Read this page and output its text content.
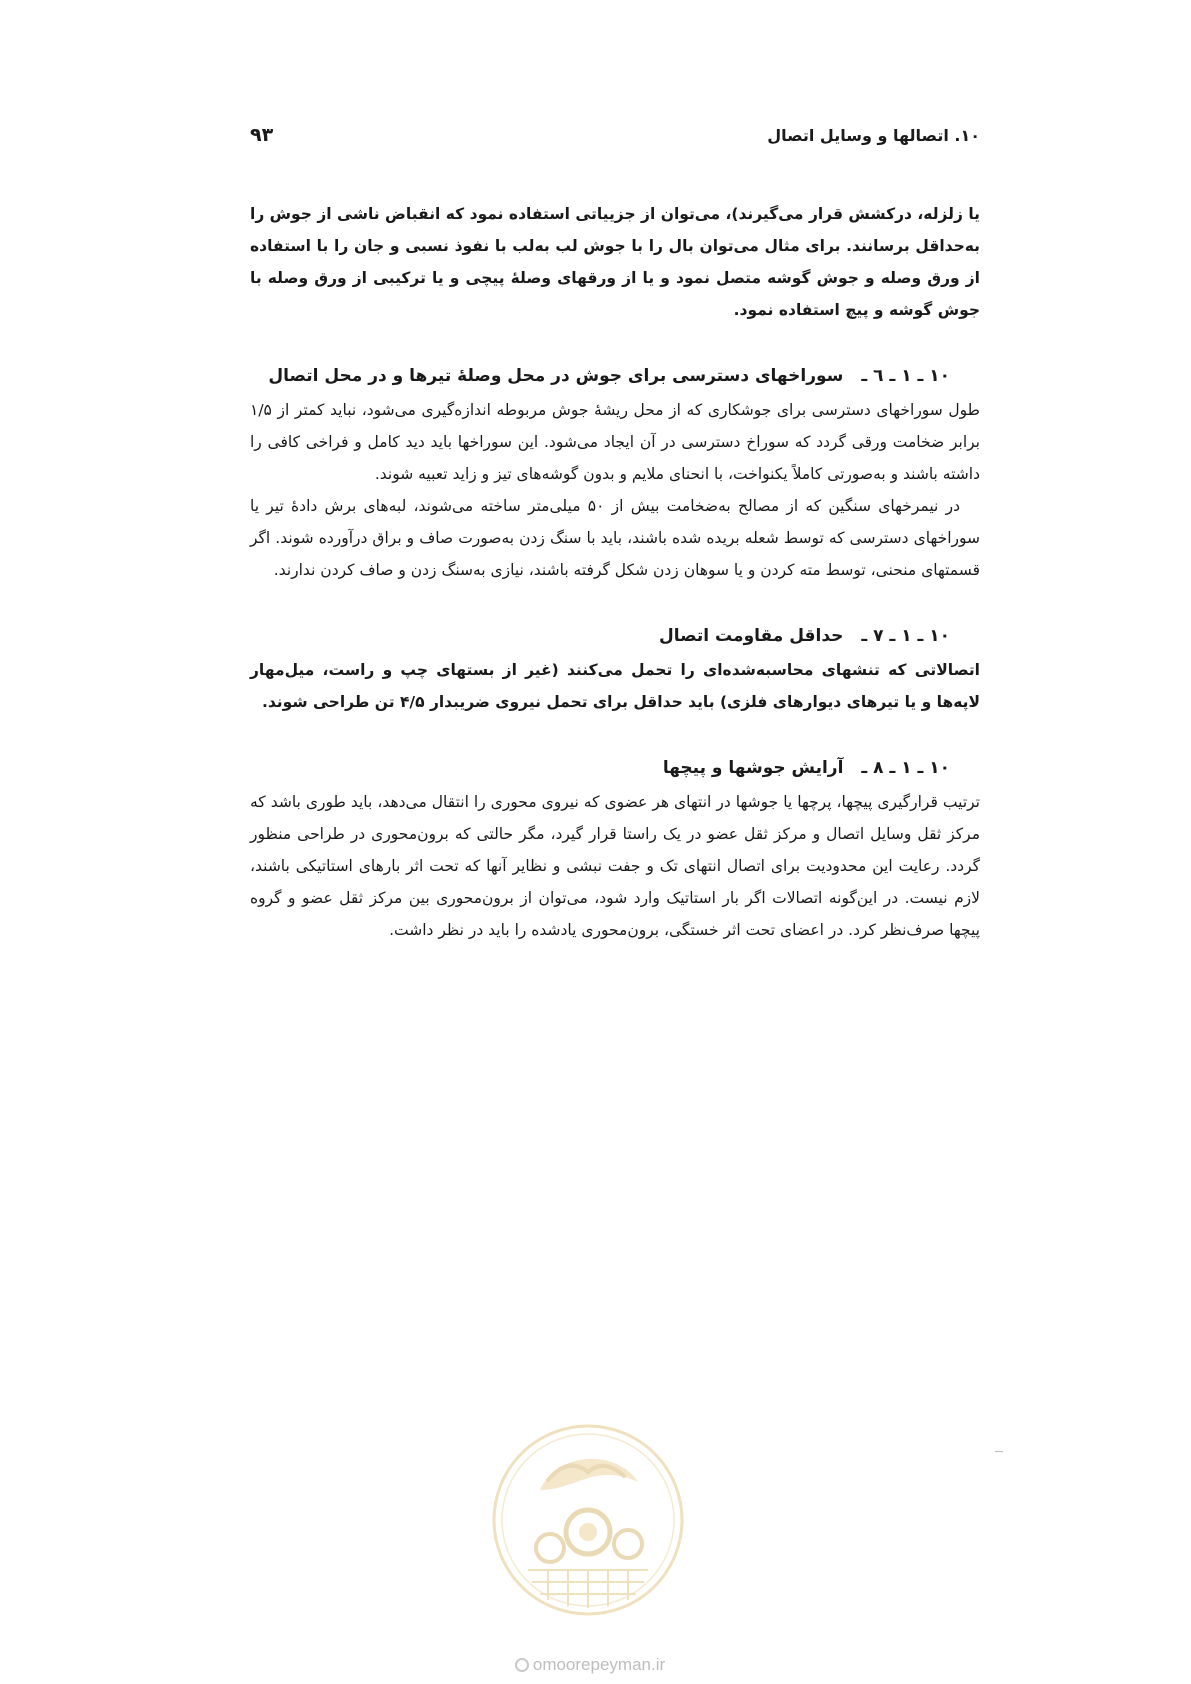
۱۰. اتصالها و وسایل اتصال
۹۳

یا زلزله، درکشش قرار می‌گیرند)، می‌توان از جزییاتی استفاده نمود که انقباض ناشی از جوش را به‌حداقل برسانند. برای مثال می‌توان بال را با جوش لب به‌لب با نفوذ نسبی و جان را با استفاده از ورق وصله و جوش گوشه متصل نمود و یا از ورقهای وصلهٔ پیچی و یا ترکیبی از ورق وصله با جوش گوشه و پیچ استفاده نمود.

۱۰ ـ ۱ ـ ٦ ـ
سوراخهای دسترسی برای جوش در محل وصلهٔ تیرها و در محل اتصال

طول سوراخهای دسترسی برای جوشکاری که از محل ریشهٔ جوش مربوطه اندازه‌گیری می‌شود، نباید کمتر از ۱/۵ برابر ضخامت ورقی گردد که سوراخ دسترسی در آن ایجاد می‌شود. این سوراخها باید دید کامل و فراخی کافی را داشته باشند و به‌صورتی کاملاً یکنواخت، با انحنای ملایم و بدون گوشه‌های تیز و زاید تعبیه شوند.

در نیمرخهای سنگین که از مصالح به‌ضخامت بیش از ۵۰ میلی‌متر ساخته می‌شوند، لبه‌های برش دادهٔ تیر یا سوراخهای دسترسی که توسط شعله بریده شده باشند، باید با سنگ زدن به‌صورت صاف و براق درآورده شوند. اگر قسمتهای منحنی، توسط مته کردن و یا سوهان زدن شکل گرفته باشند، نیازی به‌سنگ زدن و صاف کردن ندارند.

۱۰ ـ ۱ ـ ۷ ـ
حداقل مقاومت اتصال

اتصالاتی که تنشهای محاسبه‌شده‌ای را تحمل می‌کنند (غیر از بستهای چپ و راست، میل‌مهار لاپه‌ها و یا تیرهای دیوارهای فلزی) باید حداقل برای تحمل نیروی ضریبدار ۴/۵ تن طراحی شوند.

۱۰ ـ ۱ ـ ۸ ـ
آرایش جوشها و پیچها

ترتیب قرارگیری پیچها، پرچها یا جوشها در انتهای هر عضوی که نیروی محوری را انتقال می‌دهد، باید طوری باشد که مرکز ثقل وسایل اتصال و مرکز ثقل عضو در یک راستا قرار گیرد، مگر حالتی که برون‌محوری در طراحی منظور گردد. رعایت این محدودیت برای اتصال انتهای تک و جفت نبشی و نظایر آنها که تحت اثر بارهای استاتیکی باشند، لازم نیست. در این‌گونه اتصالات اگر بار استاتیک وارد شود، می‌توان از برون‌محوری بین مرکز ثقل عضو و گروه پیچها صرف‌نظر کرد. در اعضای تحت اثر خستگی، برون‌محوری یادشده را باید در نظر داشت.

omoorepeyman.ir
